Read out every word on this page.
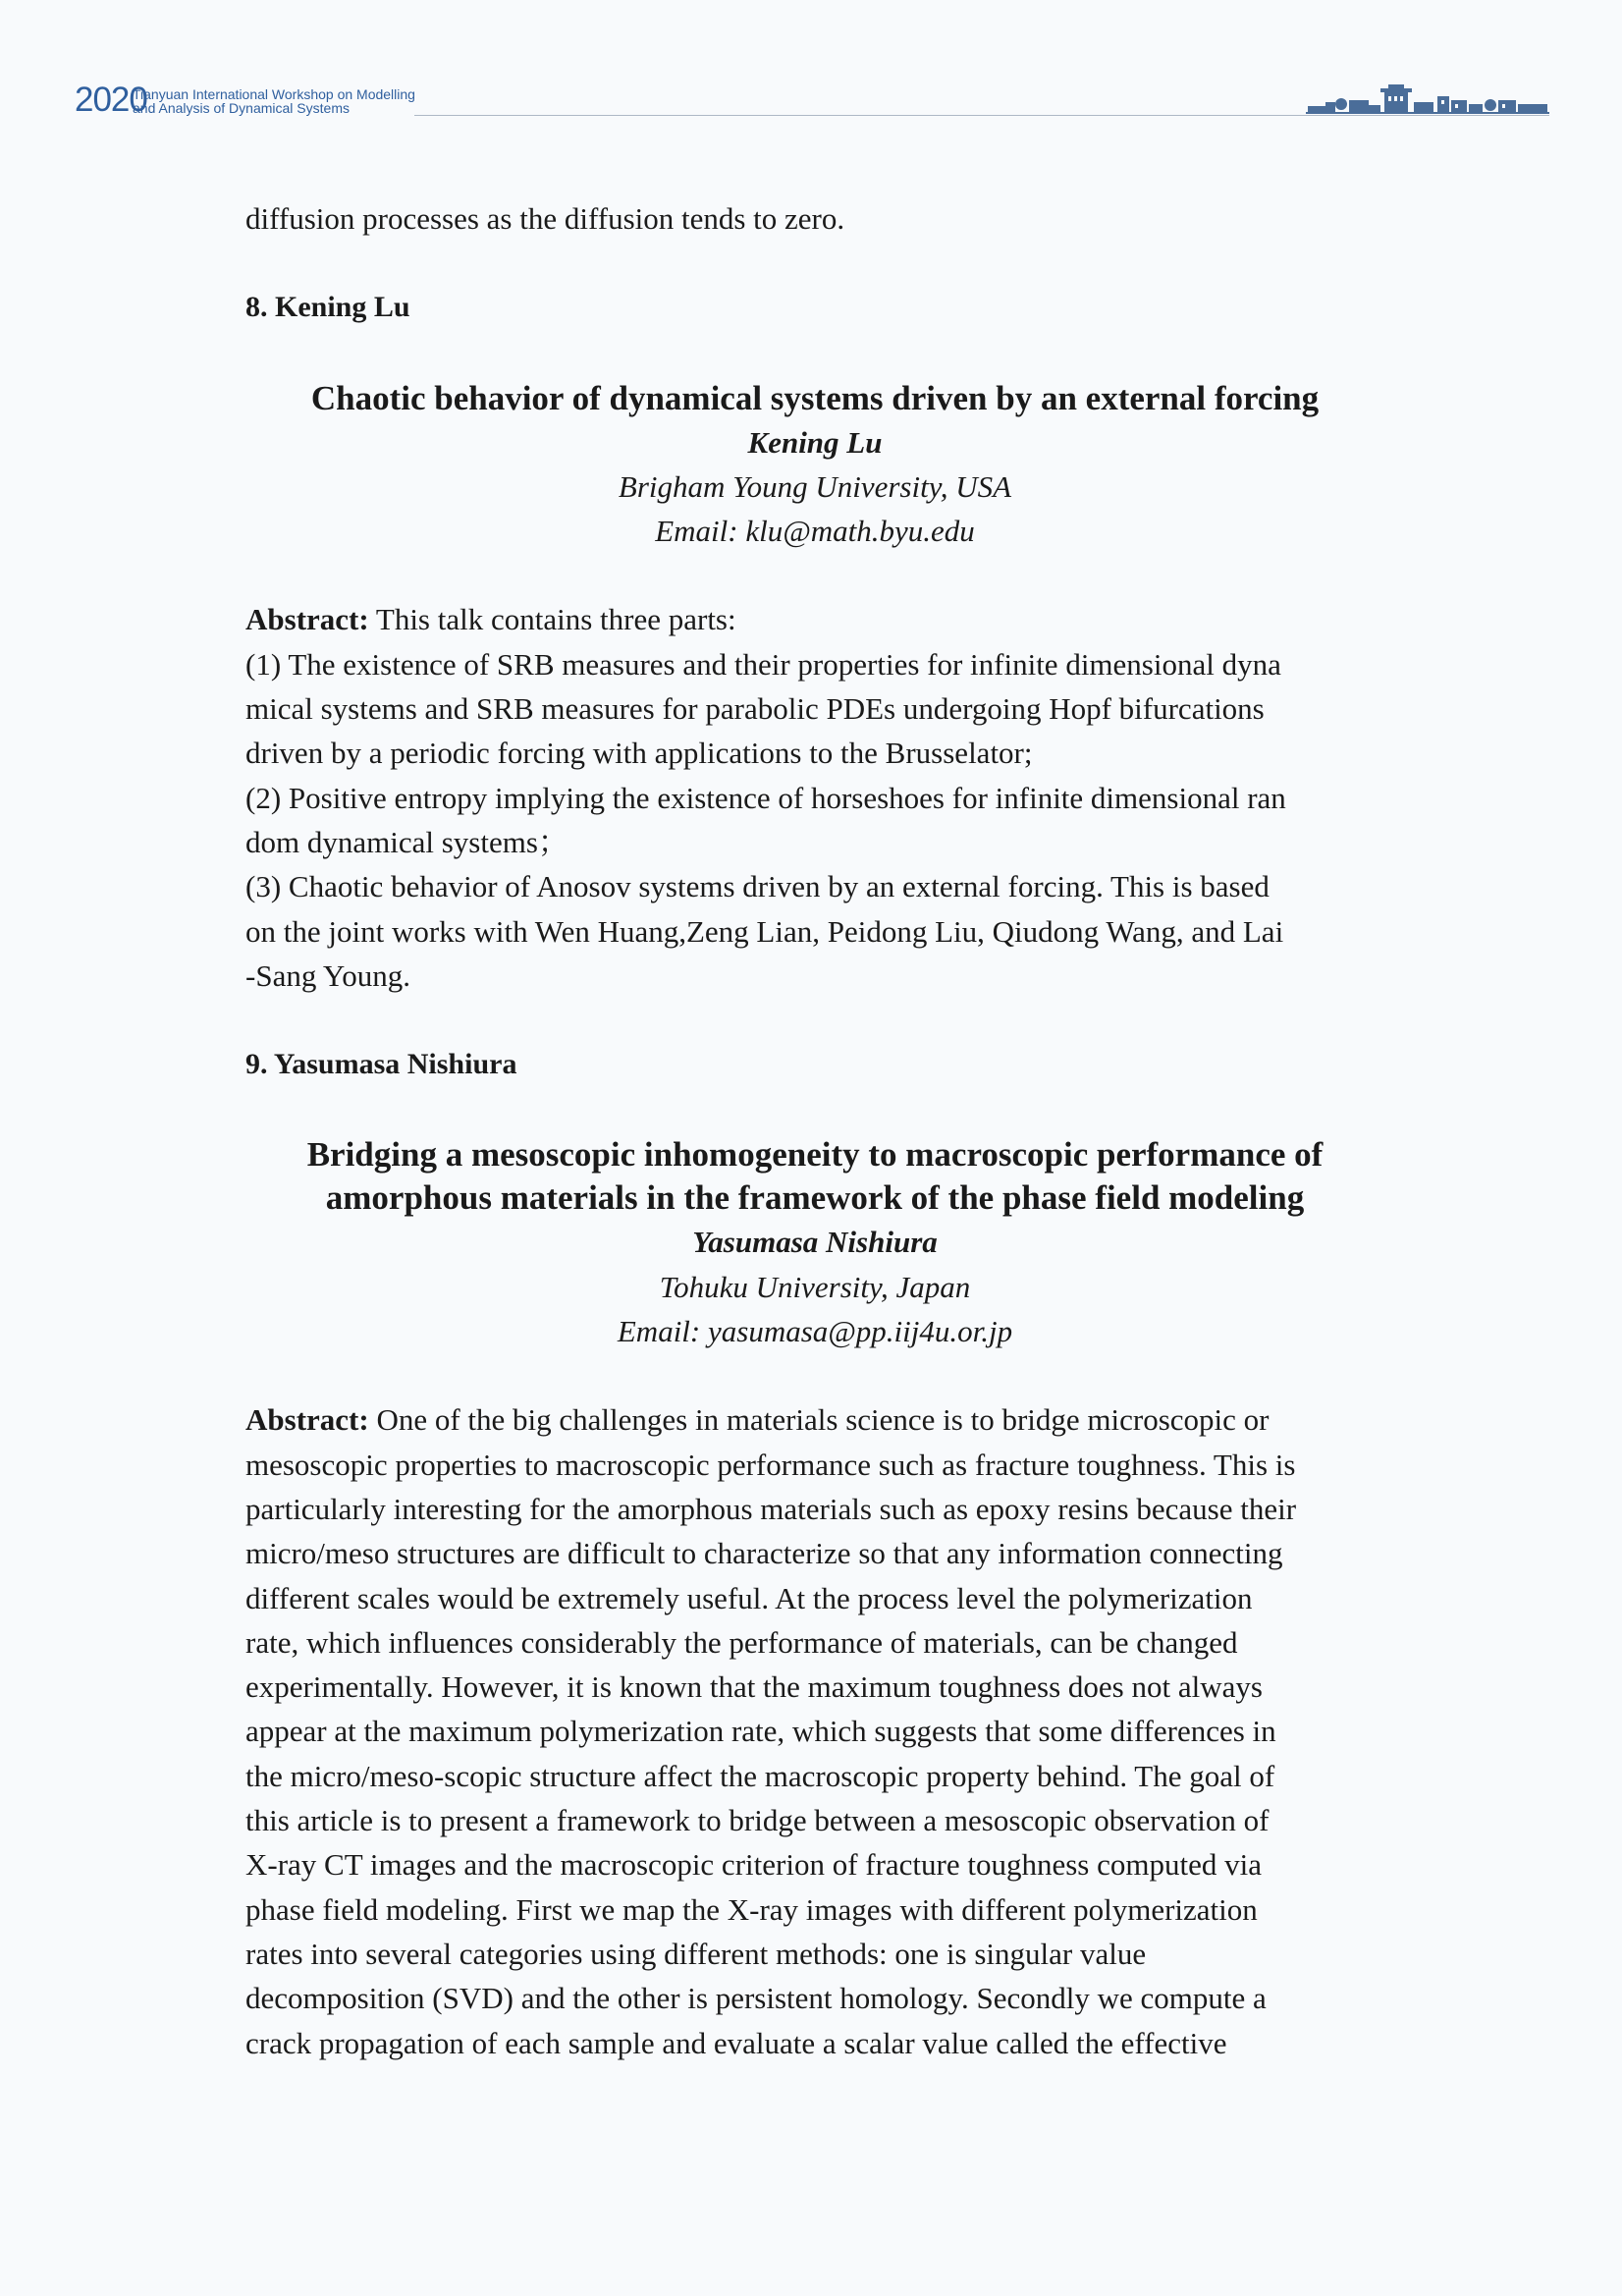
2020
Tianyuan International Workshop on Modelling
and Analysis of Dynamical Systems

diffusion processes as the diffusion tends to zero.

8. Kening Lu

Chaotic behavior of dynamical systems driven by an external forcing

Kening Lu

Brigham Young University, USA

Email: klu@math.byu.edu

Abstract: This talk contains three parts:
(1) The existence of SRB measures and their properties for infinite dimensional dyna
mical systems and SRB measures for parabolic PDEs undergoing Hopf bifurcations
driven by a periodic forcing with applications to the Brusselator;
(2) Positive entropy implying the existence of horseshoes for infinite dimensional ran
dom dynamical systems；
(3) Chaotic behavior of Anosov systems driven by an external forcing. This is based
on the joint works with Wen Huang,Zeng Lian, Peidong Liu, Qiudong Wang, and Lai
-Sang Young.

9. Yasumasa Nishiura

Bridging a mesoscopic inhomogeneity to macroscopic performance of

amorphous materials in the framework of the phase field modeling

Yasumasa Nishiura

Tohuku University, Japan

Email: yasumasa@pp.iij4u.or.jp

Abstract: One of the big challenges in materials science is to bridge microscopic or
mesoscopic properties to macroscopic performance such as fracture toughness. This is
particularly interesting for the amorphous materials such as epoxy resins because their
micro/meso structures are difficult to characterize so that any information connecting
different scales would be extremely useful. At the process level the polymerization
rate, which influences considerably the performance of materials, can be changed
experimentally. However, it is known that the maximum toughness does not always
appear at the maximum polymerization rate, which suggests that some differences in
the micro/meso-scopic structure affect the macroscopic property behind. The goal of
this article is to present a framework to bridge between a mesoscopic observation of
X-ray CT images and the macroscopic criterion of fracture toughness computed via
phase field modeling. First we map the X-ray images with different polymerization
rates into several categories using different methods: one is singular value
decomposition (SVD) and the other is persistent homology. Secondly we compute a
crack propagation of each sample and evaluate a scalar value called the effective
